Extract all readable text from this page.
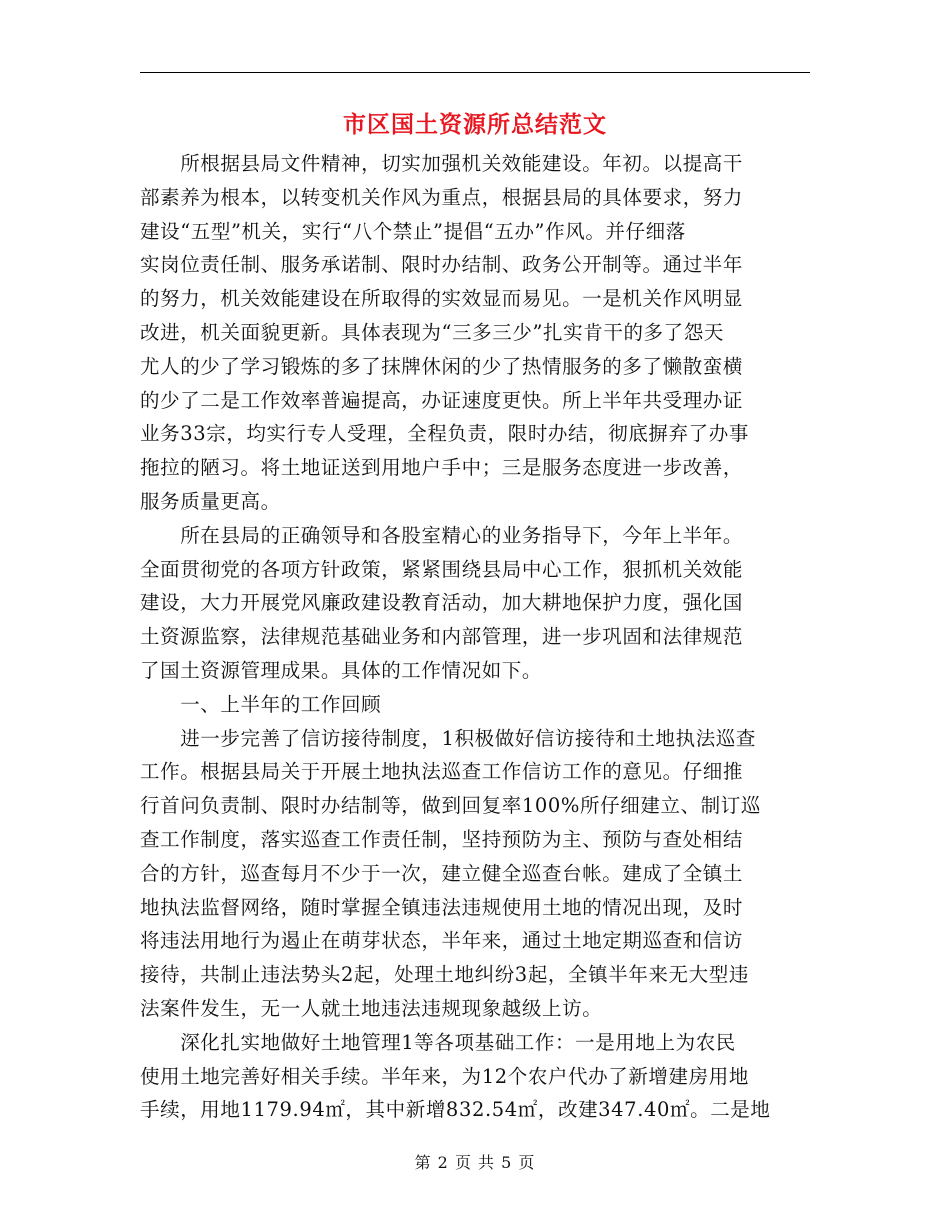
市区国土资源所总结范文
　　所根据县局文件精神，切实加强机关效能建设。年初。以提高干
部素养为根本，以转变机关作风为重点，根据县局的具体要求，努力
建设“五型”机关，实行“八个禁止”提倡“五办”作风。并仔细落
实岗位责任制、服务承诺制、限时办结制、政务公开制等。通过半年
的努力，机关效能建设在所取得的实效显而易见。一是机关作风明显
改进，机关面貌更新。具体表现为“三多三少”扎实肯干的多了怨天
尤人的少了学习锻炼的多了抹牌休闲的少了热情服务的多了懒散蛮横
的少了二是工作效率普遍提高，办证速度更快。所上半年共受理办证
业务33宗，均实行专人受理，全程负责，限时办结，彻底摒弃了办事
拖拉的陋习。将土地证送到用地户手中；三是服务态度进一步改善，
服务质量更高。
　　所在县局的正确领导和各股室精心的业务指导下，今年上半年。
全面贯彻党的各项方针政策，紧紧围绕县局中心工作，狠抓机关效能
建设，大力开展党风廉政建设教育活动，加大耕地保护力度，强化国
土资源监察，法律规范基础业务和内部管理，进一步巩固和法律规范
了国土资源管理成果。具体的工作情况如下。
　　一、上半年的工作回顾
　　进一步完善了信访接待制度，1积极做好信访接待和土地执法巡查
工作。根据县局关于开展土地执法巡查工作信访工作的意见。仔细推
行首问负责制、限时办结制等，做到回复率100%所仔细建立、制订巡
查工作制度，落实巡查工作责任制，坚持预防为主、预防与查处相结
合的方针，巡查每月不少于一次，建立健全巡查台帐。建成了全镇土
地执法监督网络，随时掌握全镇违法违规使用土地的情况出现，及时
将违法用地行为遏止在萌芽状态，半年来，通过土地定期巡查和信访
接待，共制止违法势头2起，处理土地纠纷3起，全镇半年来无大型违
法案件发生，无一人就土地违法违规现象越级上访。
　　深化扎实地做好土地管理1等各项基础工作：一是用地上为农民
使用土地完善好相关手续。半年来，为12个农户代办了新增建房用地
手续，用地1179.94㎡，其中新增832.54㎡，改建347.40㎡。二是地
第 2 页 共 5 页
